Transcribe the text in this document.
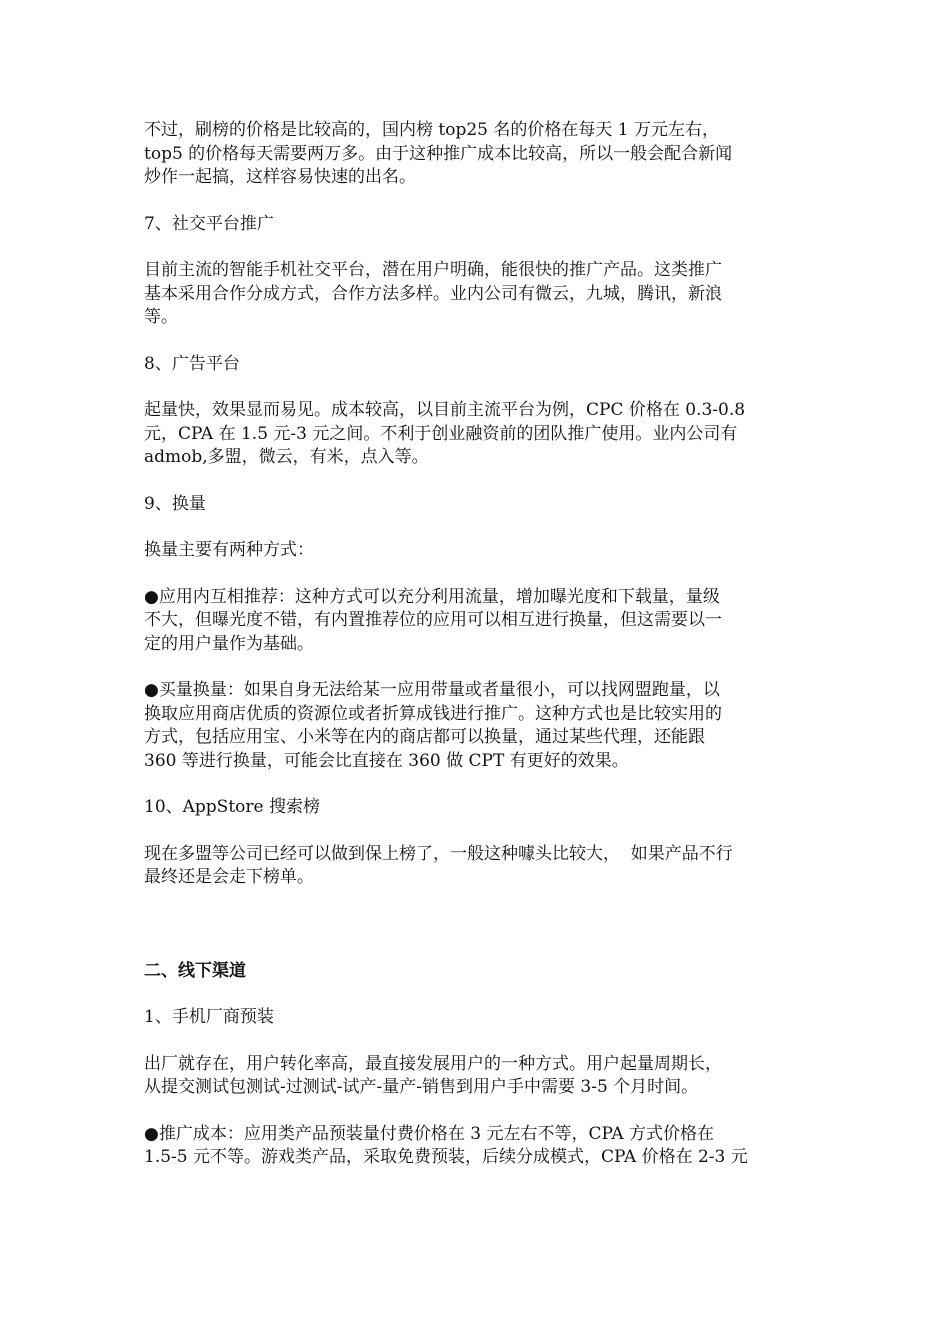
不过，刷榜的价格是比较高的，国内榜 top25 名的价格在每天 1 万元左右，
top5 的价格每天需要两万多。由于这种推广成本比较高，所以一般会配合新闻
炒作一起搞，这样容易快速的出名。
7、社交平台推广
目前主流的智能手机社交平台，潜在用户明确，能很快的推广产品。这类推广
基本采用合作分成方式，合作方法多样。业内公司有微云，九城，腾讯，新浪
等。
8、广告平台
起量快，效果显而易见。成本较高，以目前主流平台为例，CPC 价格在 0.3-0.8
元，CPA 在 1.5 元-3 元之间。不利于创业融资前的团队推广使用。业内公司有
admob,多盟，微云，有米，点入等。
9、换量
换量主要有两种方式：
●应用内互相推荐：这种方式可以充分利用流量，增加曝光度和下载量，量级
不大，但曝光度不错，有内置推荐位的应用可以相互进行换量，但这需要以一
定的用户量作为基础。
●买量换量：如果自身无法给某一应用带量或者量很小，可以找网盟跑量，以
换取应用商店优质的资源位或者折算成钱进行推广。这种方式也是比较实用的
方式，包括应用宝、小米等在内的商店都可以换量，通过某些代理，还能跟
360 等进行换量，可能会比直接在 360 做 CPT 有更好的效果。
10、AppStore 搜索榜
现在多盟等公司已经可以做到保上榜了，一般这种噱头比较大，  如果产品不行
最终还是会走下榜单。
二、线下渠道
1、手机厂商预装
出厂就存在，用户转化率高，最直接发展用户的一种方式。用户起量周期长，
从提交测试包测试-过测试-试产-量产-销售到用户手中需要 3-5 个月时间。
●推广成本：应用类产品预装量付费价格在 3 元左右不等，CPA 方式价格在
1.5-5 元不等。游戏类产品，采取免费预装，后续分成模式，CPA 价格在 2-3 元
